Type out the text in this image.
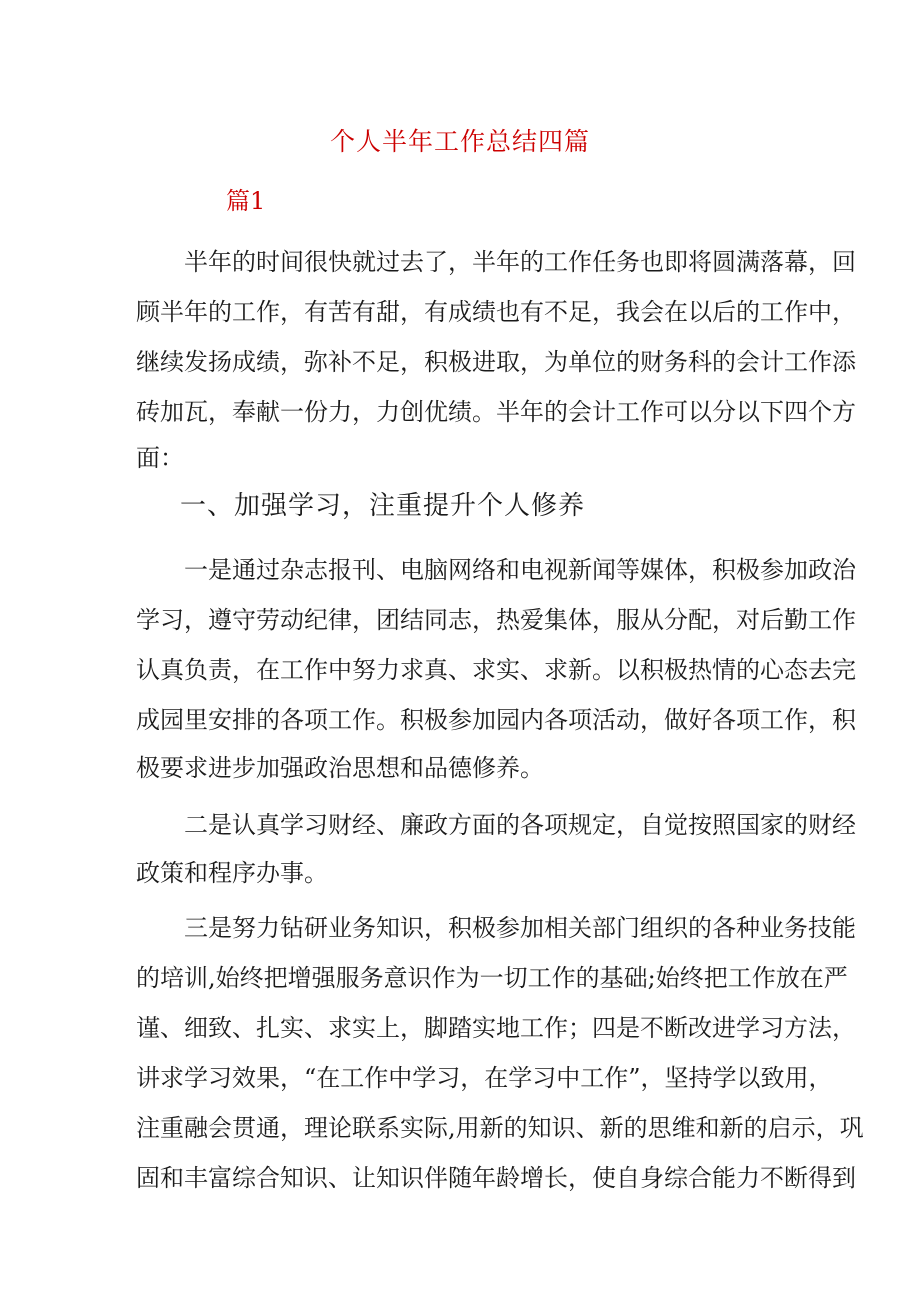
个人半年工作总结四篇
篇1
半年的时间很快就过去了，半年的工作任务也即将圆满落幕，回
顾半年的工作，有苦有甜，有成绩也有不足，我会在以后的工作中，
继续发扬成绩，弥补不足，积极进取，为单位的财务科的会计工作添
砖加瓦，奉献一份力，力创优绩。半年的会计工作可以分以下四个方
面：
一、加强学习，注重提升个人修养
一是通过杂志报刊、电脑网络和电视新闻等媒体，积极参加政治
学习，遵守劳动纪律，团结同志，热爱集体，服从分配，对后勤工作
认真负责，在工作中努力求真、求实、求新。以积极热情的心态去完
成园里安排的各项工作。积极参加园内各项活动，做好各项工作，积
极要求进步加强政治思想和品德修养。
二是认真学习财经、廉政方面的各项规定，自觉按照国家的财经
政策和程序办事。
三是努力钻研业务知识，积极参加相关部门组织的各种业务技能
的培训,始终把增强服务意识作为一切工作的基础;始终把工作放在严
谨、细致、扎实、求实上，脚踏实地工作；四是不断改进学习方法，
讲求学习效果，“在工作中学习，在学习中工作”，坚持学以致用，
注重融会贯通，理论联系实际,用新的知识、新的思维和新的启示，巩
固和丰富综合知识、让知识伴随年龄增长，使自身综合能力不断得到
